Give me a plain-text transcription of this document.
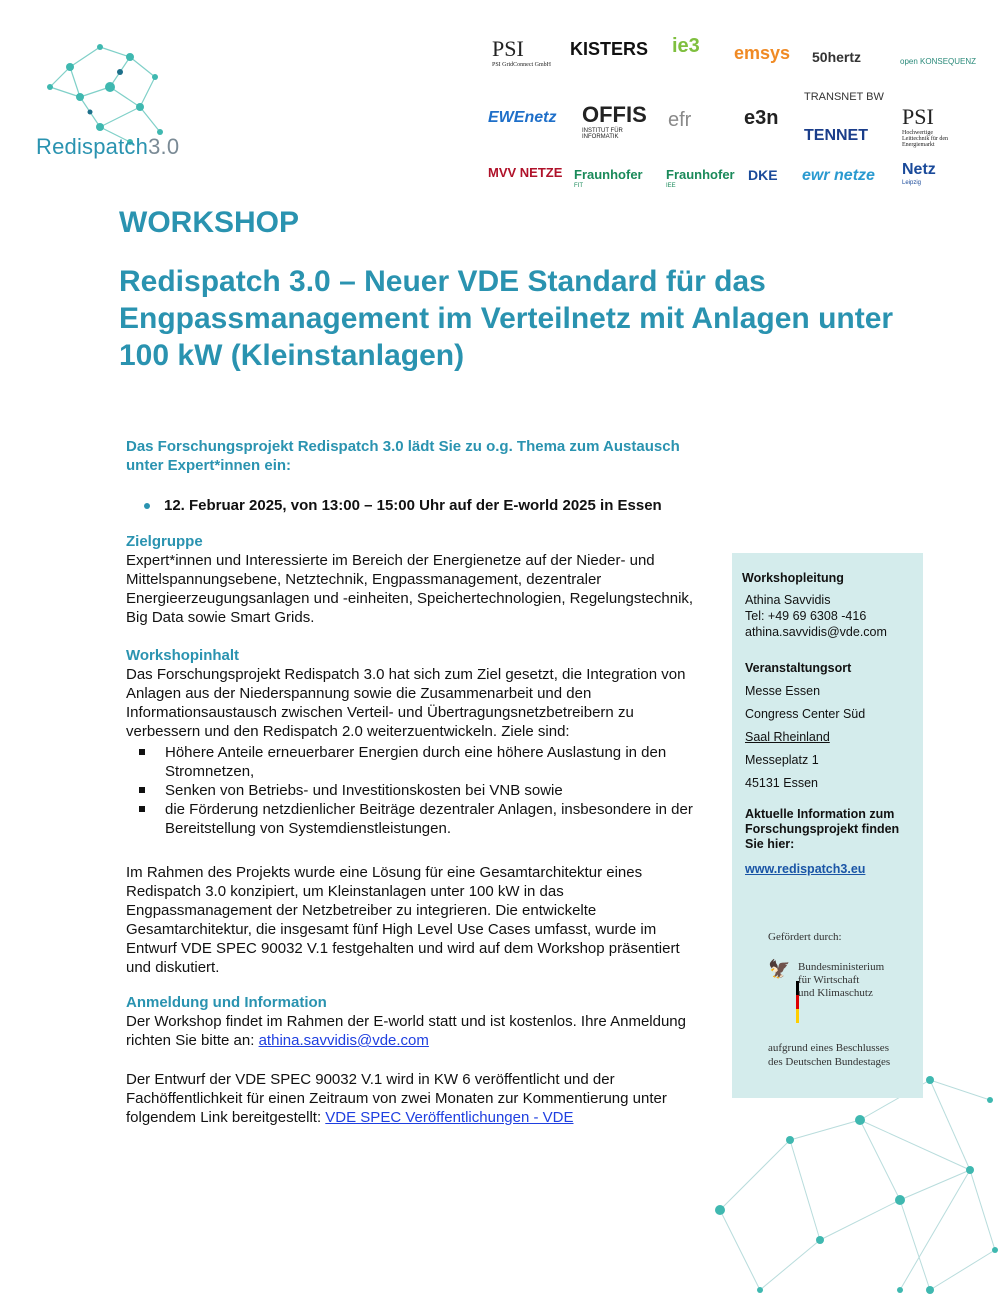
Redispatch3.0
PSI
PSI GridConnect GmbH
KISTERS ie3 emsys 50hertz	open KONSEQUENZ
EWEnetz OFFIS
INSTITUT FÜR INFORMATIK
efr	e3n
TRANSNET BW
TENNET
PSI
Hochwertige Leittechnik für den Energiemarkt
MVV NETZE Fraunhofer
FIT
Fraunhofer
IEE
DKE ewr netze Netz
Leipzig
WORKSHOP
Redispatch 3.0 – Neuer VDE Standard für das Engpassmanagement im Verteilnetz mit Anlagen unter 100 kW (Kleinstanlagen)
Das Forschungsprojekt Redispatch 3.0 lädt Sie zu o.g. Thema zum Austausch unter Expert*innen ein:
12. Februar 2025, von 13:00 – 15:00 Uhr auf der E-world 2025 in Essen
Zielgruppe
Expert*innen und Interessierte im Bereich der Energienetze auf der Nieder- und Mittelspannungsebene, Netztechnik, Engpassmanagement, dezentraler Energieerzeugungsanlagen und -einheiten, Speichertechnologien, Regelungstechnik, Big Data sowie Smart Grids.
Workshopinhalt
Das Forschungsprojekt Redispatch 3.0 hat sich zum Ziel gesetzt, die Integration von Anlagen aus der Niederspannung sowie die Zusammenarbeit und den Informationsaustausch zwischen Verteil- und Übertragungsnetzbetreibern zu verbessern und den Redispatch 2.0 weiterzuentwickeln. Ziele sind:
Höhere Anteile erneuerbarer Energien durch eine höhere Auslastung in den Stromnetzen,
Senken von Betriebs- und Investitionskosten bei VNB sowie
die Förderung netzdienlicher Beiträge dezentraler Anlagen, insbesondere in der Bereitstellung von Systemdienstleistungen.
Im Rahmen des Projekts wurde eine Lösung für eine Gesamtarchitektur eines Redispatch 3.0 konzipiert, um Kleinstanlagen unter 100 kW in das Engpassmanagement der Netzbetreiber zu integrieren. Die entwickelte Gesamtarchitektur, die insgesamt fünf High Level Use Cases umfasst, wurde im Entwurf VDE SPEC 90032 V.1 festgehalten und wird auf dem Workshop präsentiert und diskutiert.
Anmeldung und Information
Der Workshop findet im Rahmen der E-world statt und ist kostenlos. Ihre Anmeldung richten Sie bitte an: athina.savvidis@vde.com
Der Entwurf der VDE SPEC 90032 V.1 wird in KW 6 veröffentlicht und der Fachöffentlichkeit für einen Zeitraum von zwei Monaten zur Kommentierung unter folgendem Link bereitgestellt: VDE SPEC Veröffentlichungen - VDE
Workshopleitung
Athina Savvidis
Tel: +49 69 6308 -416
athina.savvidis@vde.com
Veranstaltungsort
Messe Essen
Congress Center Süd
Saal Rheinland
Messeplatz 1
45131 Essen
Aktuelle Information zum
Forschungsprojekt finden
Sie hier:
www.redispatch3.eu
Gefördert durch:
🦅 Bundesministerium
für Wirtschaft
und Klimaschutz
aufgrund eines Beschlusses
des Deutschen Bundestages
